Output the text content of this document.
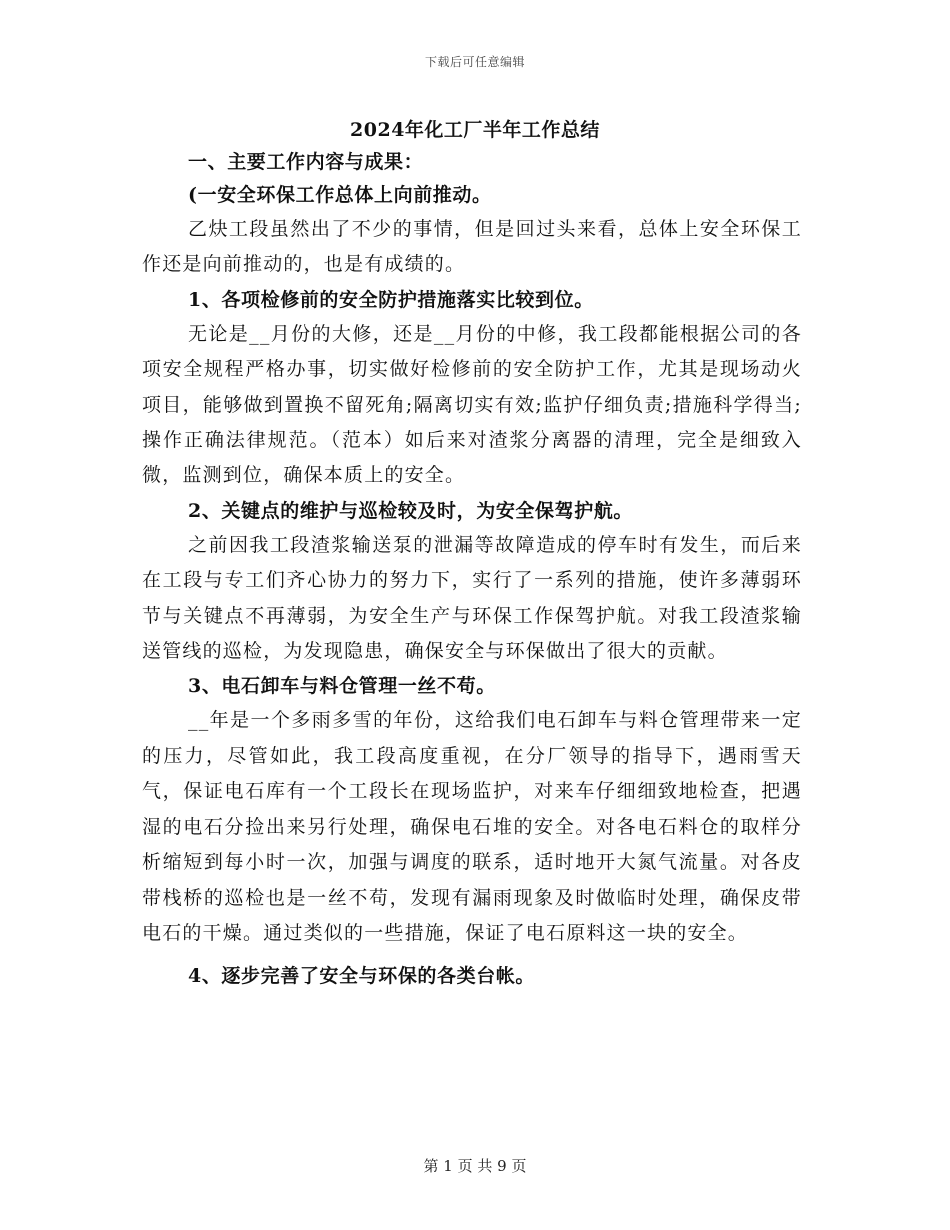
下载后可任意编辑
2024年化工厂半年工作总结

一、主要工作内容与成果：

(一安全环保工作总体上向前推动。

乙炔工段虽然出了不少的事情，但是回过头来看，总体上安全环保工作还是向前推动的，也是有成绩的。

1、各项检修前的安全防护措施落实比较到位。

无论是__月份的大修，还是__月份的中修，我工段都能根据公司的各项安全规程严格办事，切实做好检修前的安全防护工作，尤其是现场动火项目，能够做到置换不留死角;隔离切实有效;监护仔细负责;措施科学得当;操作正确法律规范。（范本）如后来对渣浆分离器的清理，完全是细致入微，监测到位，确保本质上的安全。

2、关键点的维护与巡检较及时，为安全保驾护航。

之前因我工段渣浆输送泵的泄漏等故障造成的停车时有发生，而后来在工段与专工们齐心协力的努力下，实行了一系列的措施，使许多薄弱环节与关键点不再薄弱，为安全生产与环保工作保驾护航。对我工段渣浆输送管线的巡检，为发现隐患，确保安全与环保做出了很大的贡献。

3、电石卸车与料仓管理一丝不苟。

__年是一个多雨多雪的年份，这给我们电石卸车与料仓管理带来一定的压力，尽管如此，我工段高度重视，在分厂领导的指导下，遇雨雪天气，保证电石库有一个工段长在现场监护，对来车仔细细致地检查，把遇湿的电石分捡出来另行处理，确保电石堆的安全。对各电石料仓的取样分析缩短到每小时一次，加强与调度的联系，适时地开大氮气流量。对各皮带栈桥的巡检也是一丝不苟，发现有漏雨现象及时做临时处理，确保皮带电石的干燥。通过类似的一些措施，保证了电石原料这一块的安全。

4、逐步完善了安全与环保的各类台帐。

第 1 页 共 9 页
